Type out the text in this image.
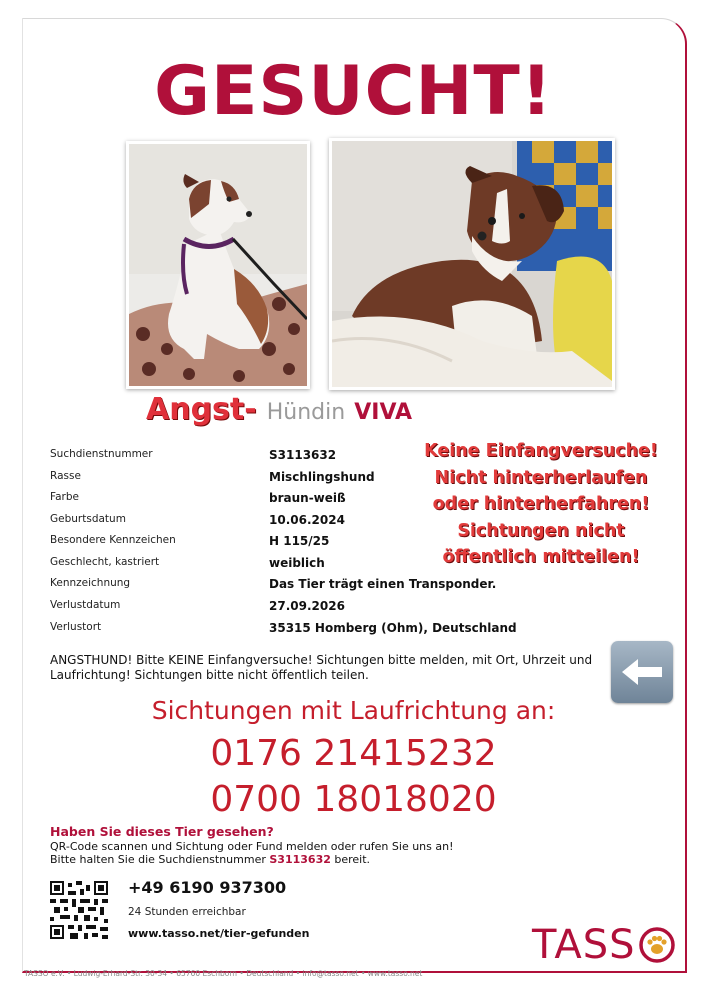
GESUCHT!
Angst- Hündin VIVA
Suchdienstnummer	S3113632
Rasse	Mischlingshund
Farbe	braun-weiß
Geburtsdatum	10.06.2024
Besondere Kennzeichen	H 115/25
Geschlecht, kastriert	weiblich
Kennzeichnung	Das Tier trägt einen Transponder.
Verlustdatum	27.09.2026
Verlustort	35315 Homberg (Ohm), Deutschland
Keine Einfangversuche!
Nicht hinterherlaufen
oder hinterherfahren!
Sichtungen nicht
öffentlich mitteilen!
ANGSTHUND! Bitte KEINE Einfangversuche! Sichtungen bitte melden, mit Ort, Uhrzeit und Laufrichtung! Sichtungen bitte nicht öffentlich teilen.
Sichtungen mit Laufrichtung an:
0176 21415232
0700 18018020
Haben Sie dieses Tier gesehen?
QR-Code scannen und Sichtung oder Fund melden oder rufen Sie uns an!
Bitte halten Sie die Suchdienstnummer S3113632 bereit.
+49 6190 937300
24 Stunden erreichbar
www.tasso.net/tier-gefunden	TASS
TASSO e.V. • Ludwig-Erhard-Str. 30-34 • 65760 Eschborn • Deutschland • info@tasso.net • www.tasso.net
